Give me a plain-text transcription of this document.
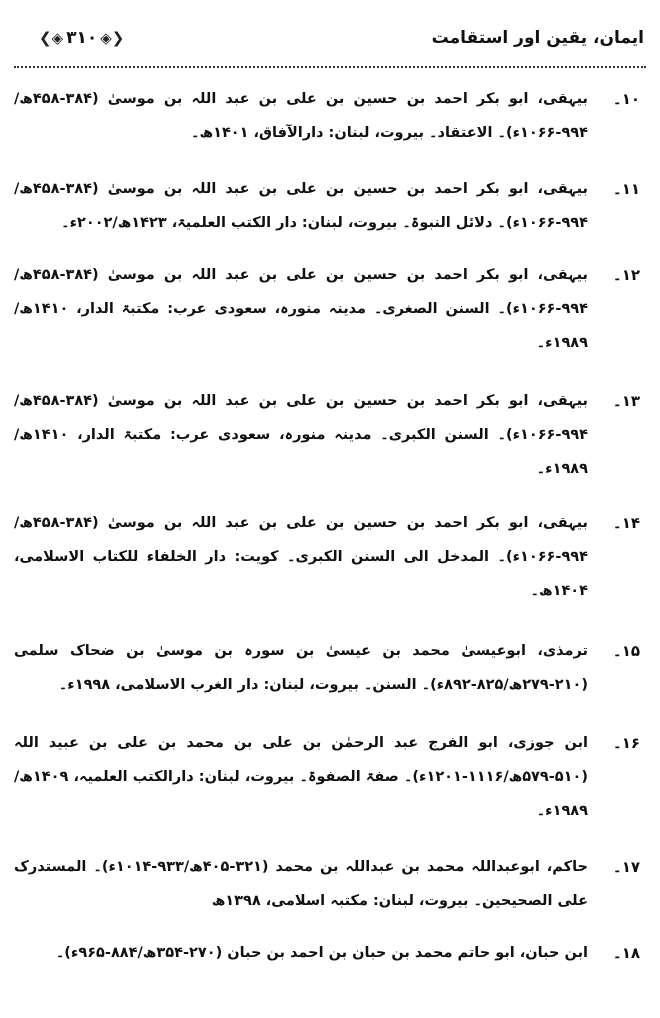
ایمان، یقین اور استقامت
❮◈۳۱۰◈❯
۱۰۔
بیہقی، ابو بکر احمد بن حسین بن علی بن عبد اللہ بن موسیٰ (۳۸۴-۴۵۸ھ/۹۹۴-۱۰۶۶ء)۔ الاعتقاد۔ بیروت، لبنان: دارالآفاق، ۱۴۰۱ھ۔
۱۱۔
بیہقی، ابو بکر احمد بن حسین بن علی بن عبد اللہ بن موسیٰ (۳۸۴-۴۵۸ھ/۹۹۴-۱۰۶۶ء)۔ دلائل النبوۃ۔ بیروت، لبنان: دار الکتب العلمیۃ، ۱۴۲۳ھ/۲۰۰۲ء۔
۱۲۔
بیہقی، ابو بکر احمد بن حسین بن علی بن عبد اللہ بن موسیٰ (۳۸۴-۴۵۸ھ/۹۹۴-۱۰۶۶ء)۔ السنن الصغری۔ مدینہ منورہ، سعودی عرب: مکتبۃ الدار، ۱۴۱۰ھ/۱۹۸۹ء۔
۱۳۔
بیہقی، ابو بکر احمد بن حسین بن علی بن عبد اللہ بن موسیٰ (۳۸۴-۴۵۸ھ/۹۹۴-۱۰۶۶ء)۔ السنن الکبری۔ مدینہ منورہ، سعودی عرب: مکتبۃ الدار، ۱۴۱۰ھ/۱۹۸۹ء۔
۱۴۔
بیہقی، ابو بکر احمد بن حسین بن علی بن عبد اللہ بن موسیٰ (۳۸۴-۴۵۸ھ/۹۹۴-۱۰۶۶ء)۔ المدخل الی السنن الکبری۔ کویت: دار الخلفاء للکتاب الاسلامی، ۱۴۰۴ھ۔
۱۵۔
ترمذی، ابوعیسیٰ محمد بن عیسیٰ بن سورہ بن موسیٰ بن ضحاک سلمی (۲۱۰-۲۷۹ھ/۸۲۵-۸۹۲ء)۔ السنن۔ بیروت، لبنان: دار الغرب الاسلامی، ۱۹۹۸ء۔
۱۶۔
ابن جوزی، ابو الفرج عبد الرحمٰن بن علی بن محمد بن علی بن عبید اللہ (۵۱۰-۵۷۹ھ/۱۱۱۶-۱۲۰۱ء)۔ صفۃ الصفوۃ۔ بیروت، لبنان: دارالکتب العلمیہ، ۱۴۰۹ھ/۱۹۸۹ء۔
۱۷۔
حاکم، ابوعبداللہ محمد بن عبداللہ بن محمد (۳۲۱-۴۰۵ھ/۹۳۳-۱۰۱۴ء)۔ المستدرک علی الصحیحین۔ بیروت، لبنان: مکتبہ اسلامی، ۱۳۹۸ھ
۱۸۔
ابن حبان، ابو حاتم محمد بن حبان بن احمد بن حبان (۲۷۰-۳۵۴ھ/۸۸۴-۹۶۵ء)۔
